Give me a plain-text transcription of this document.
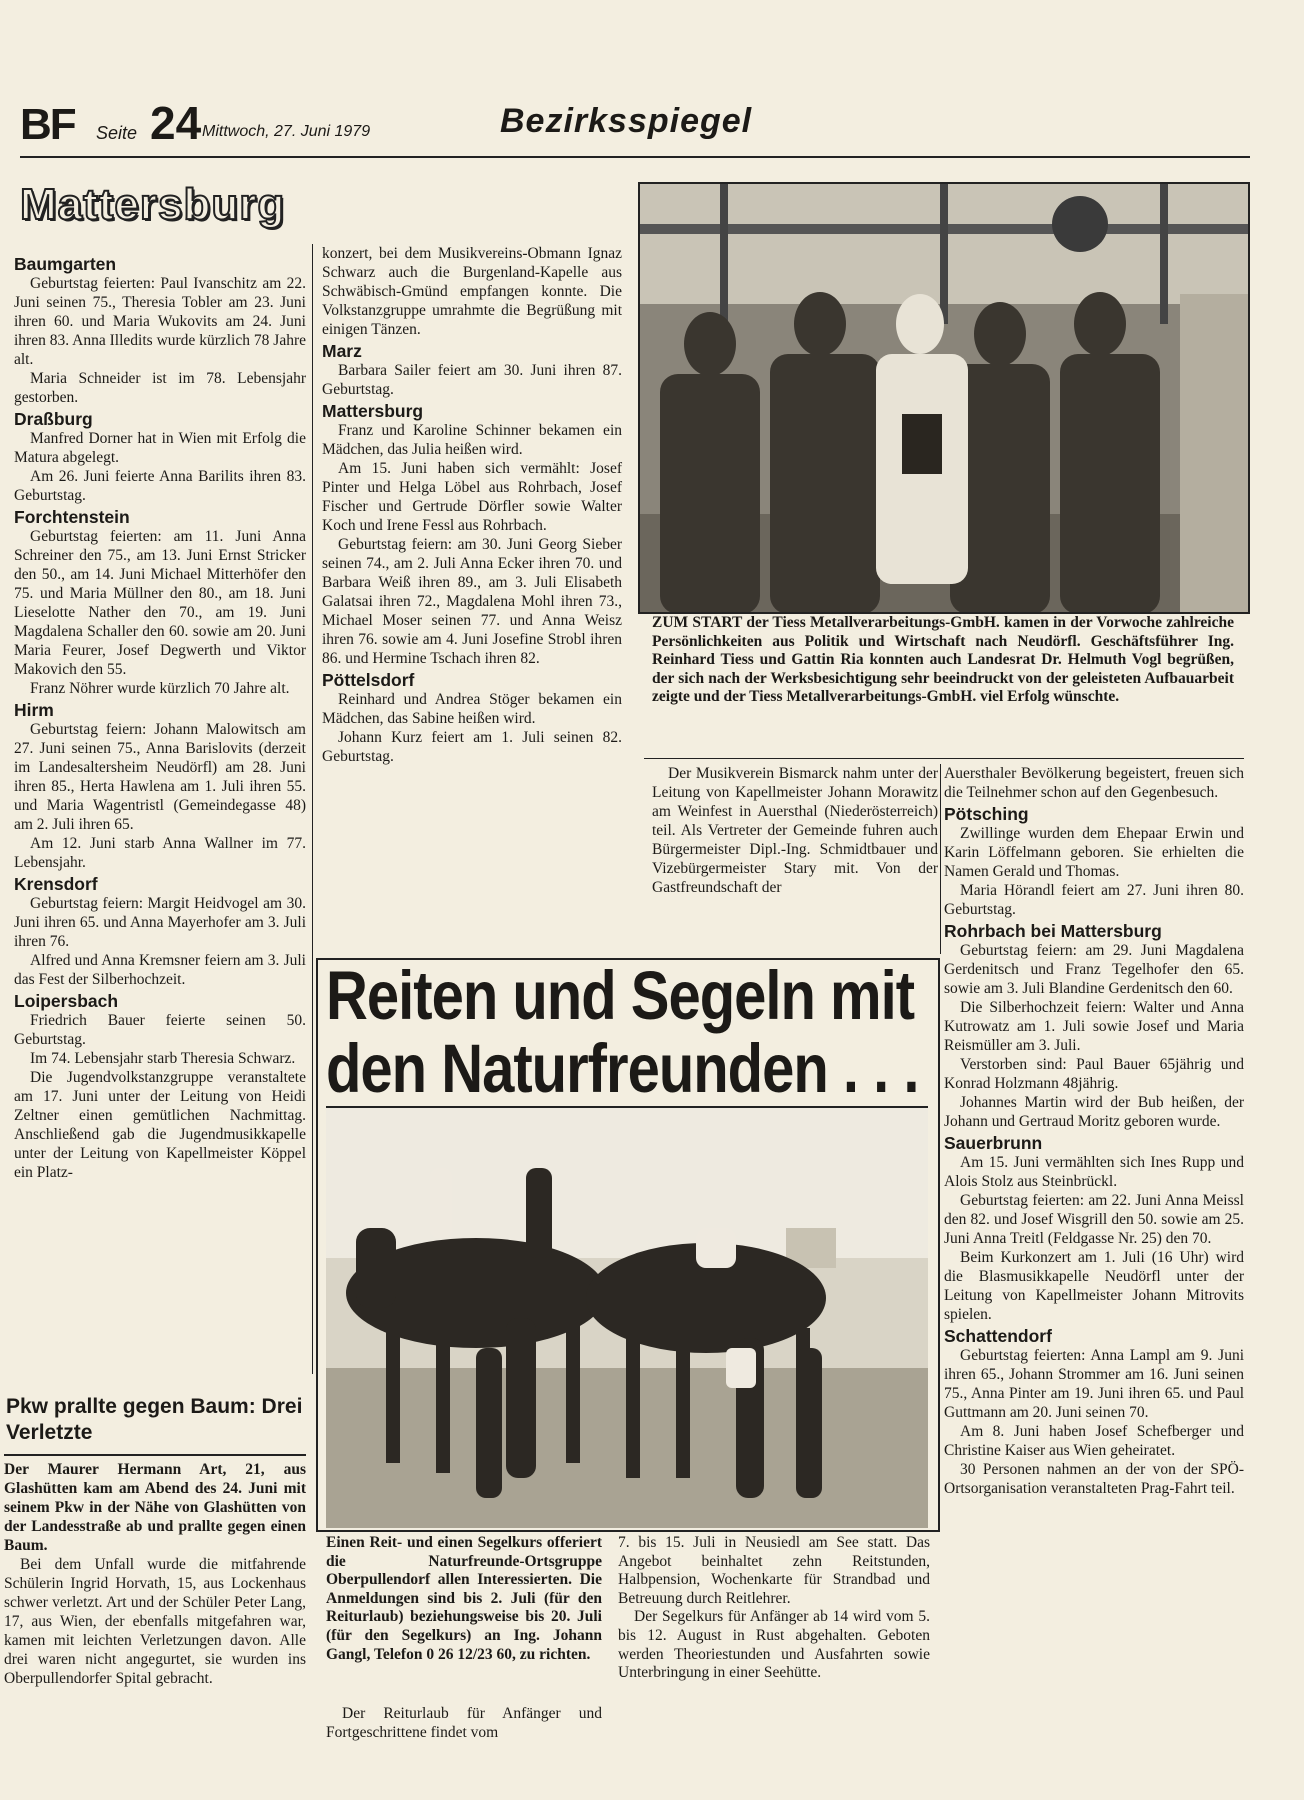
BF Seite 24 Mittwoch, 27. Juni 1979	Bezirksspiegel
Mattersburg
Baumgarten

Geburtstag feierten: Paul Ivanschitz am 22. Juni seinen 75., Theresia Tobler am 23. Juni ihren 60. und Maria Wukovits am 24. Juni ihren 83. Anna Illedits wurde kürzlich 78 Jahre alt.

Maria Schneider ist im 78. Lebensjahr gestorben.

Draßburg

Manfred Dorner hat in Wien mit Erfolg die Matura abgelegt.

Am 26. Juni feierte Anna Barilits ihren 83. Geburtstag.

Forchtenstein

Geburtstag feierten: am 11. Juni Anna Schreiner den 75., am 13. Juni Ernst Stricker den 50., am 14. Juni Michael Mitterhöfer den 75. und Maria Müllner den 80., am 18. Juni Lieselotte Nather den 70., am 19. Juni Magdalena Schaller den 60. sowie am 20. Juni Maria Feurer, Josef Degwerth und Viktor Makovich den 55.

Franz Nöhrer wurde kürzlich 70 Jahre alt.

Hirm

Geburtstag feiern: Johann Malowitsch am 27. Juni seinen 75., Anna Barislovits (derzeit im Landesaltersheim Neudörfl) am 28. Juni ihren 85., Herta Hawlena am 1. Juli ihren 55. und Maria Wagentristl (Gemeindegasse 48) am 2. Juli ihren 65.

Am 12. Juni starb Anna Wallner im 77. Lebensjahr.

Krensdorf

Geburtstag feiern: Margit Heidvogel am 30. Juni ihren 65. und Anna Mayerhofer am 3. Juli ihren 76.

Alfred und Anna Kremsner feiern am 3. Juli das Fest der Silberhochzeit.

Loipersbach

Friedrich Bauer feierte seinen 50. Geburtstag.

Im 74. Lebensjahr starb Theresia Schwarz.

Die Jugendvolkstanzgruppe veranstaltete am 17. Juni unter der Leitung von Heidi Zeltner einen gemütlichen Nachmittag. Anschließend gab die Jugendmusikkapelle unter der Leitung von Kapellmeister Köppel ein Platz-

konzert, bei dem Musikvereins-Obmann Ignaz Schwarz auch die Burgenland-Kapelle aus Schwäbisch-Gmünd empfangen konnte. Die Volkstanzgruppe umrahmte die Begrüßung mit einigen Tänzen.

Marz

Barbara Sailer feiert am 30. Juni ihren 87. Geburtstag.

Mattersburg

Franz und Karoline Schinner bekamen ein Mädchen, das Julia heißen wird.

Am 15. Juni haben sich vermählt: Josef Pinter und Helga Löbel aus Rohrbach, Josef Fischer und Gertrude Dörfler sowie Walter Koch und Irene Fessl aus Rohrbach.

Geburtstag feiern: am 30. Juni Georg Sieber seinen 74., am 2. Juli Anna Ecker ihren 70. und Barbara Weiß ihren 89., am 3. Juli Elisabeth Galatsai ihren 72., Magdalena Mohl ihren 73., Michael Moser seinen 77. und Anna Weisz ihren 76. sowie am 4. Juni Josefine Strobl ihren 86. und Hermine Tschach ihren 82.

Pöttelsdorf

Reinhard und Andrea Stöger bekamen ein Mädchen, das Sabine heißen wird.

Johann Kurz feiert am 1. Juli seinen 82. Geburtstag.

ZUM START der Tiess Metallverarbeitungs-GmbH. kamen in der Vorwoche zahlreiche Persönlichkeiten aus Politik und Wirtschaft nach Neudörfl. Geschäftsführer Ing. Reinhard Tiess und Gattin Ria konnten auch Landesrat Dr. Helmuth Vogl begrüßen, der sich nach der Werksbesichtigung sehr beeindruckt von der geleisteten Aufbauarbeit zeigte und der Tiess Metallverarbeitungs-GmbH. viel Erfolg wünschte.

Der Musikverein Bismarck nahm unter der Leitung von Kapellmeister Johann Morawitz am Weinfest in Auersthal (Niederösterreich) teil. Als Vertreter der Gemeinde fuhren auch Bürgermeister Dipl.-Ing. Schmidtbauer und Vizebürgermeister Stary mit. Von der Gastfreundschaft der

Auersthaler Bevölkerung begeistert, freuen sich die Teilnehmer schon auf den Gegenbesuch.

Pötsching

Zwillinge wurden dem Ehepaar Erwin und Karin Löffelmann geboren. Sie erhielten die Namen Gerald und Thomas.

Maria Hörandl feiert am 27. Juni ihren 80. Geburtstag.

Rohrbach bei Mattersburg

Geburtstag feiern: am 29. Juni Magdalena Gerdenitsch und Franz Tegelhofer den 65. sowie am 3. Juli Blandine Gerdenitsch den 60.

Die Silberhochzeit feiern: Walter und Anna Kutrowatz am 1. Juli sowie Josef und Maria Reismüller am 3. Juli.

Verstorben sind: Paul Bauer 65jährig und Konrad Holzmann 48jährig.

Johannes Martin wird der Bub heißen, der Johann und Gertraud Moritz geboren wurde.

Sauerbrunn

Am 15. Juni vermählten sich Ines Rupp und Alois Stolz aus Steinbrückl.

Geburtstag feierten: am 22. Juni Anna Meissl den 82. und Josef Wisgrill den 50. sowie am 25. Juni Anna Treitl (Feldgasse Nr. 25) den 70.

Beim Kurkonzert am 1. Juli (16 Uhr) wird die Blasmusikkapelle Neudörfl unter der Leitung von Kapellmeister Johann Mitrovits spielen.

Schattendorf

Geburtstag feierten: Anna Lampl am 9. Juni ihren 65., Johann Strommer am 16. Juni seinen 75., Anna Pinter am 19. Juni ihren 65. und Paul Guttmann am 20. Juni seinen 70.

Am 8. Juni haben Josef Schefberger und Christine Kaiser aus Wien geheiratet.

30 Personen nahmen an der von der SPÖ-Ortsorganisation veranstalteten Prag-Fahrt teil.

Pkw prallte gegen Baum: Drei Verletzte

Der Maurer Hermann Art, 21, aus Glashütten kam am Abend des 24. Juni mit seinem Pkw in der Nähe von Glashütten von der Landesstraße ab und prallte gegen einen Baum.

Bei dem Unfall wurde die mitfahrende Schülerin Ingrid Horvath, 15, aus Lockenhaus schwer verletzt. Art und der Schüler Peter Lang, 17, aus Wien, der ebenfalls mitgefahren war, kamen mit leichten Verletzungen davon. Alle drei waren nicht angegurtet, sie wurden ins Oberpullendorfer Spital gebracht.

Reiten und Segeln mit den Naturfreunden . . .
Einen Reit- und einen Segelkurs offeriert die Naturfreunde-Ortsgruppe Oberpullendorf allen Interessierten. Die Anmeldungen sind bis 2. Juli (für den Reiturlaub) beziehungsweise bis 20. Juli (für den Segelkurs) an Ing. Johann Gangl, Telefon 0 26 12/23 60, zu richten.

Der Reiturlaub für Anfänger und Fortgeschrittene findet vom

7. bis 15. Juli in Neusiedl am See statt. Das Angebot beinhaltet zehn Reitstunden, Halbpension, Wochenkarte für Strandbad und Betreuung durch Reitlehrer.

Der Segelkurs für Anfänger ab 14 wird vom 5. bis 12. August in Rust abgehalten. Geboten werden Theoriestunden und Ausfahrten sowie Unterbringung in einer Seehütte.
